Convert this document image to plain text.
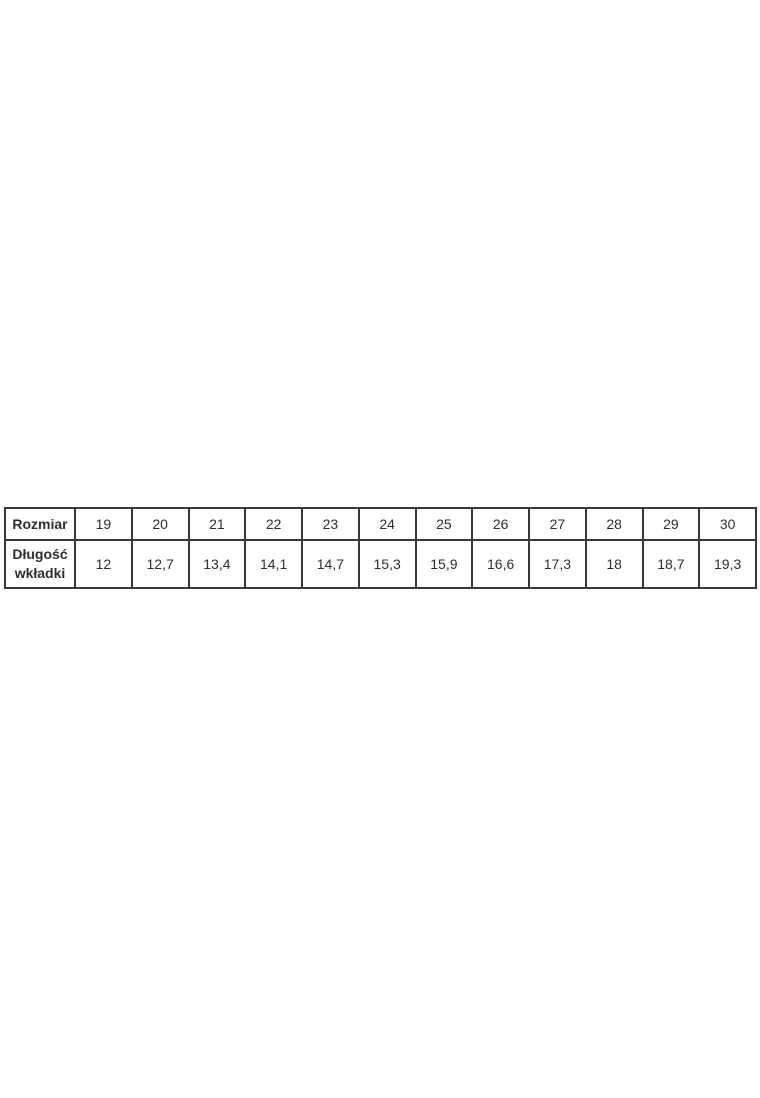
Rozmiar	19	20	21	22	23	24	25	26	27	28	29	30
Długość wkładki	12	12,7	13,4	14,1	14,7	15,3	15,9	16,6	17,3	18	18,7	19,3
